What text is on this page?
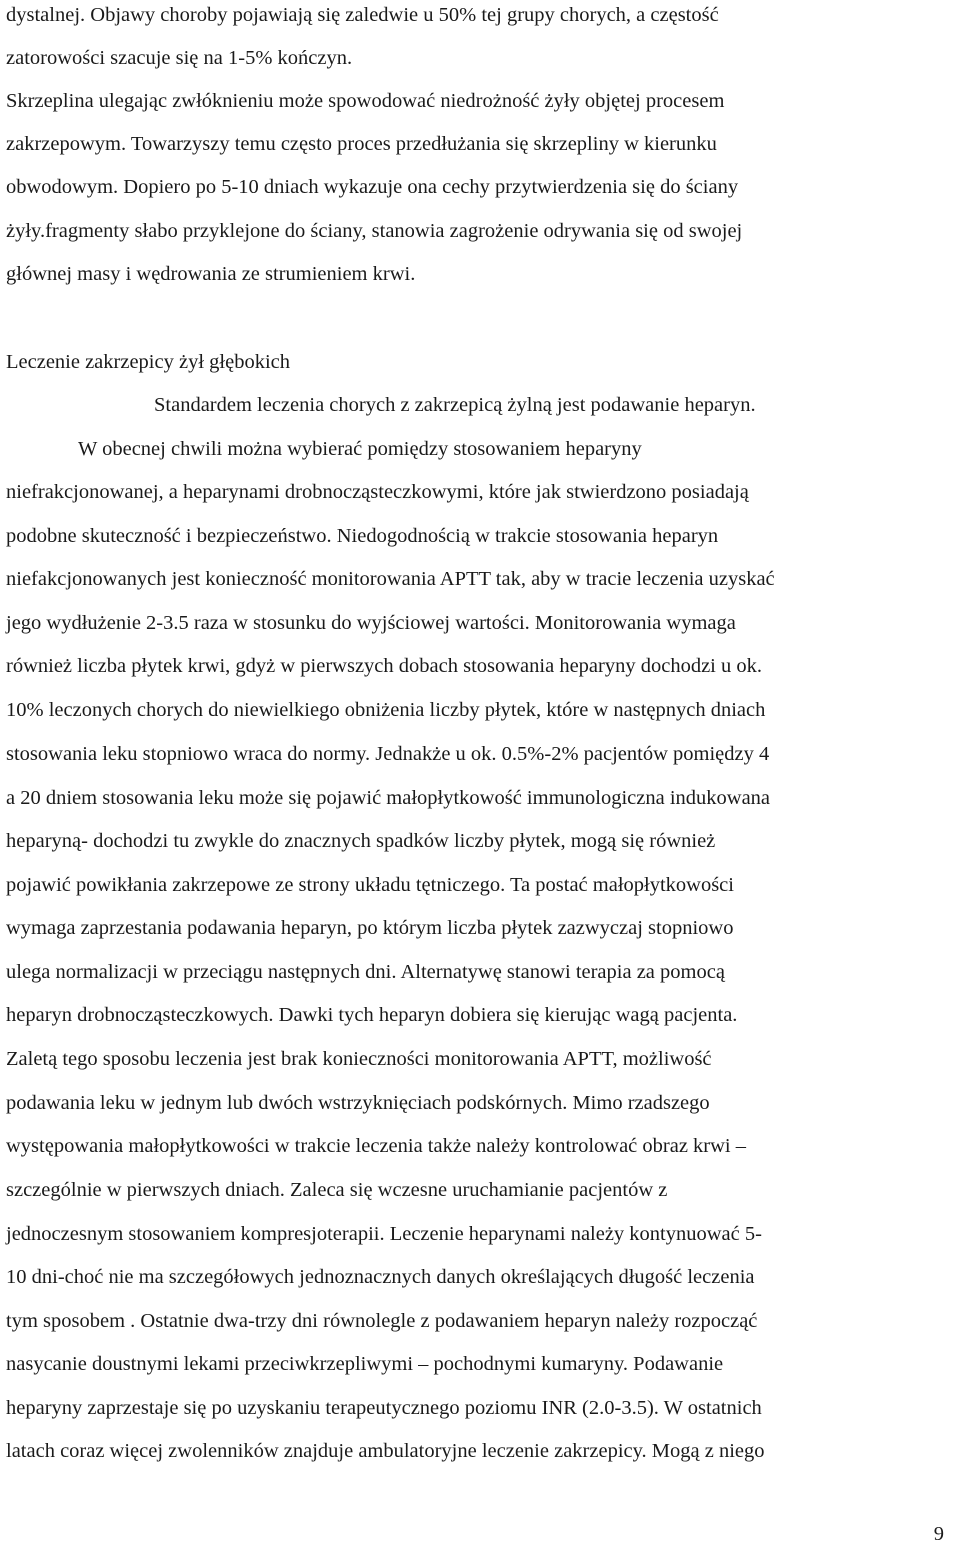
dystalnej. Objawy choroby pojawiają się zaledwie u 50% tej grupy chorych, a częstość
zatorowości szacuje się na 1-5% kończyn.
Skrzeplina ulegając zwłóknieniu może spowodować niedrożność żyły objętej procesem
zakrzepowym. Towarzyszy temu często proces przedłużania się skrzepliny w kierunku
obwodowym. Dopiero po 5-10 dniach wykazuje ona cechy przytwierdzenia się do ściany
żyły.fragmenty słabo przyklejone do ściany, stanowia zagrożenie odrywania się od swojej
głównej masy i wędrowania ze strumieniem krwi.
Leczenie zakrzepicy żył głębokich
Standardem leczenia chorych z zakrzepicą żylną jest podawanie heparyn.
W obecnej chwili można wybierać pomiędzy stosowaniem heparyny
niefrakcjonowanej, a heparynami drobnocząsteczkowymi, które jak stwierdzono posiadają
podobne skuteczność i bezpieczeństwo. Niedogodnością w trakcie stosowania heparyn
niefakcjonowanych jest konieczność monitorowania APTT tak, aby w tracie leczenia uzyskać
jego wydłużenie 2-3.5 raza w stosunku do wyjściowej wartości. Monitorowania wymaga
również liczba płytek krwi, gdyż w pierwszych dobach stosowania heparyny dochodzi u ok.
10% leczonych chorych do niewielkiego obniżenia liczby płytek, które w następnych dniach
stosowania leku stopniowo wraca do normy. Jednakże u ok. 0.5%-2% pacjentów pomiędzy 4
a 20 dniem stosowania leku może się pojawić małopłytkowość immunologiczna indukowana
heparyną- dochodzi tu zwykle do znacznych spadków liczby płytek, mogą się również
pojawić powikłania zakrzepowe ze strony układu tętniczego. Ta postać małopłytkowości
wymaga zaprzestania podawania heparyn, po którym liczba płytek zazwyczaj stopniowo
ulega normalizacji w przeciągu następnych dni. Alternatywę stanowi terapia za pomocą
heparyn drobnocząsteczkowych. Dawki tych heparyn dobiera się kierując wagą pacjenta.
Zaletą tego sposobu leczenia jest brak konieczności monitorowania APTT, możliwość
podawania leku w jednym lub dwóch wstrzyknięciach podskórnych. Mimo rzadszego
występowania małopłytkowości w trakcie leczenia także należy kontrolować obraz krwi –
szczególnie w pierwszych dniach. Zaleca się wczesne uruchamianie pacjentów z
jednoczesnym stosowaniem kompresjoterapii. Leczenie heparynami należy kontynuować 5-
10 dni-choć nie ma szczegółowych jednoznacznych danych określających długość leczenia
tym sposobem . Ostatnie dwa-trzy dni równolegle z podawaniem heparyn należy rozpocząć
nasycanie doustnymi lekami przeciwkrzepliwymi – pochodnymi kumaryny. Podawanie
heparyny zaprzestaje się po uzyskaniu terapeutycznego poziomu INR (2.0-3.5). W ostatnich
latach coraz więcej zwolenników znajduje ambulatoryjne leczenie zakrzepicy. Mogą z niego
9
